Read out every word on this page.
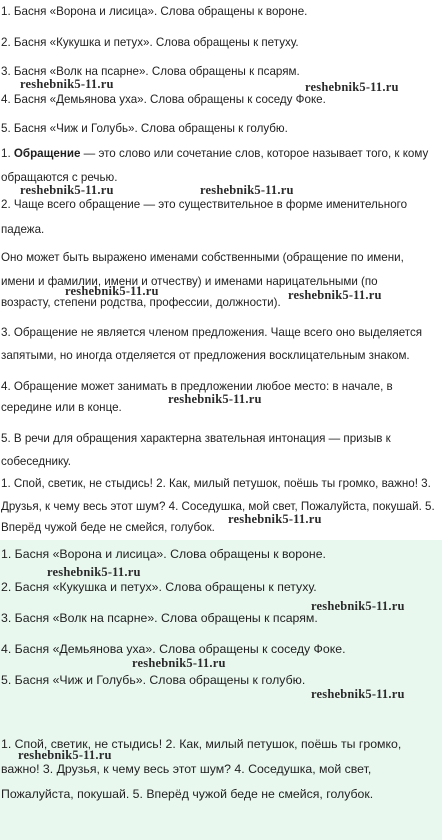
1. Басня «Ворона и лисица». Слова обращены к вороне.
2. Басня «Кукушка и петух». Слова обращены к петуху.
3. Басня «Волк на псарне». Слова обращены к псарям.
4. Басня «Демьянова уха». Слова обращены к соседу Фоке.
5. Басня «Чиж и Голубь». Слова обращены к голубю.
1. Обращение — это слово или сочетание слов, которое называет того, к кому
обращаются с речью.
2. Чаще всего обращение — это существительное в форме именительного
падежа.
Оно может быть выражено именами собственными (обращение по имени,
имени и фамилии, имени и отчеству) и именами нарицательными (по
возрасту, степени родства, профессии, должности).
3. Обращение не является членом предложения. Чаще всего оно выделяется
запятыми, но иногда отделяется от предложения восклицательным знаком.
4. Обращение может занимать в предложении любое место: в начале, в
середине или в конце.
5. В речи для обращения характерна звательная интонация — призыв к
собеседнику.
1. Спой, светик, не стыдись! 2. Как, милый петушок, поёшь ты громко, важно! 3.
Друзья, к чему весь этот шум? 4. Соседушка, мой свет, Пожалуйста, покушай. 5.
Вперёд чужой беде не смейся, голубок.
1. Басня «Ворона и лисица». Слова обращены к вороне.
2. Басня «Кукушка и петух». Слова обращены к петуху.
3. Басня «Волк на псарне». Слова обращены к псарям.
4. Басня «Демьянова уха». Слова обращены к соседу Фоке.
5. Басня «Чиж и Голубь». Слова обращены к голубю.
1. Спой, светик, не стыдись! 2. Как, милый петушок, поёшь ты громко,
важно! 3. Друзья, к чему весь этот шум? 4. Соседушка, мой свет,
Пожалуйста, покушай. 5. Вперёд чужой беде не смейся, голубок.
reshebnik5-11.ru	reshebnik5-11.ru
reshebnik5-11.ru	reshebnik5-11.ru
reshebnik5-11.ru	reshebnik5-11.ru
reshebnik5-11.ru
reshebnik5-11.ru
reshebnik5-11.ru
reshebnik5-11.ru
reshebnik5-11.ru
reshebnik5-11.ru
reshebnik5-11.ru
